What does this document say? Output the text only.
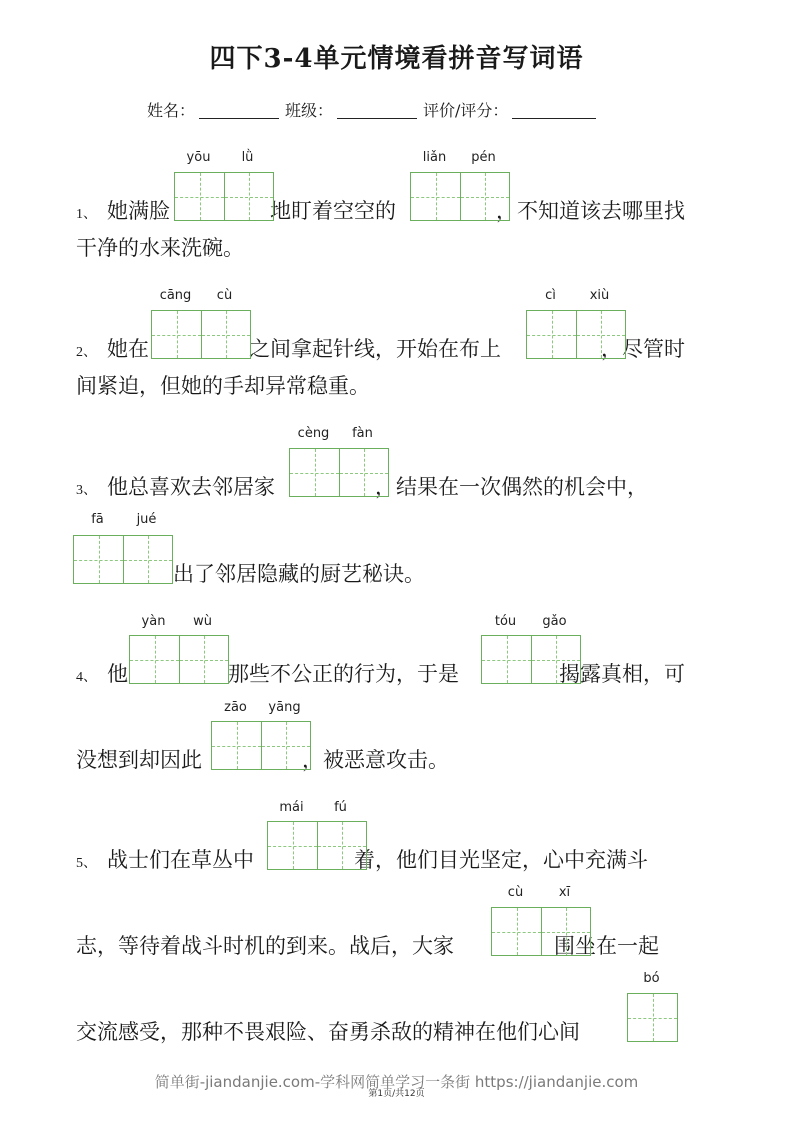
四下3-4单元情境看拼音写词语
姓名：	班级：	评价/评分：
1、 她满脸	地盯着空空的	，不知道该去哪里找
干净的水来洗碗。
yōu	lǜ	liǎn	pén
2、 她在	之间拿起针线，开始在布上	，尽管时
间紧迫，但她的手却异常稳重。
cāng	cù	cì	xiù
3、 他总喜欢去邻居家	，结果在一次偶然的机会中，
cèng	fàn
fā	jué
出了邻居隐藏的厨艺秘诀。
4、 他	那些不公正的行为，于是	揭露真相，可
yàn	wù	tóu	gǎo
没想到却因此	，被恶意攻击。
zāo	yāng
5、 战士们在草丛中	着，他们目光坚定，心中充满斗
mái	fú
志，等待着战斗时机的到来。战后，大家	围坐在一起
cù	xī
交流感受，那种不畏艰险、奋勇杀敌的精神在他们心间
bó
简单街-jiandanjie.com-学科网简单学习一条街 https://jiandanjie.com
第1页/共12页
